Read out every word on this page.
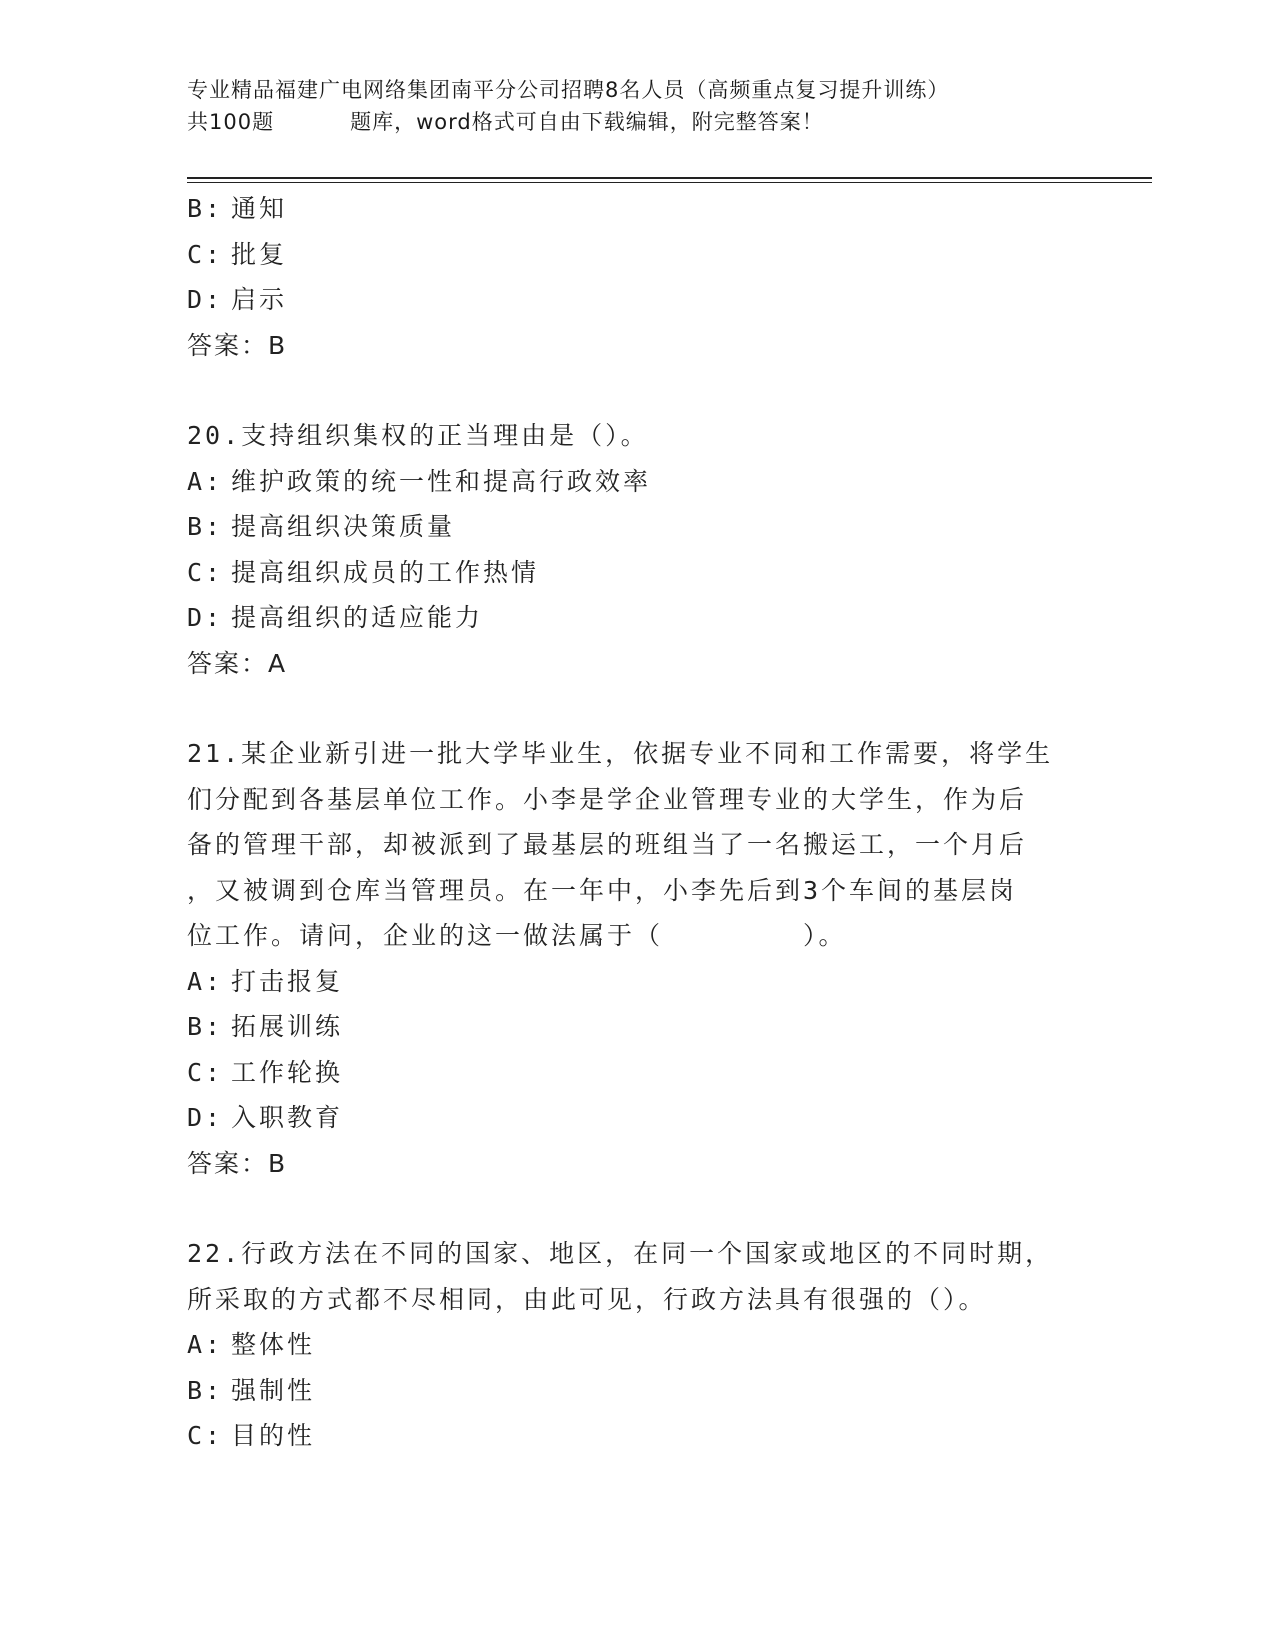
专业精品福建广电网络集团南平分公司招聘8名人员（高频重点复习提升训练）
共100题	题库，word格式可自由下载编辑，附完整答案！
B: 通知
C: 批复
D: 启示
答案：B
20.支持组织集权的正当理由是（）。
A: 维护政策的统一性和提高行政效率
B: 提高组织决策质量
C: 提高组织成员的工作热情
D: 提高组织的适应能力
答案：A
21.某企业新引进一批大学毕业生，依据专业不同和工作需要，将学生
们分配到各基层单位工作。小李是学企业管理专业的大学生，作为后
备的管理干部，却被派到了最基层的班组当了一名搬运工，一个月后
，又被调到仓库当管理员。在一年中，小李先后到3个车间的基层岗
位工作。请问，企业的这一做法属于（　　　　　）。
A: 打击报复
B: 拓展训练
C: 工作轮换
D: 入职教育
答案：B
22.行政方法在不同的国家、地区，在同一个国家或地区的不同时期，
所采取的方式都不尽相同，由此可见，行政方法具有很强的（）。
A: 整体性
B: 强制性
C: 目的性
